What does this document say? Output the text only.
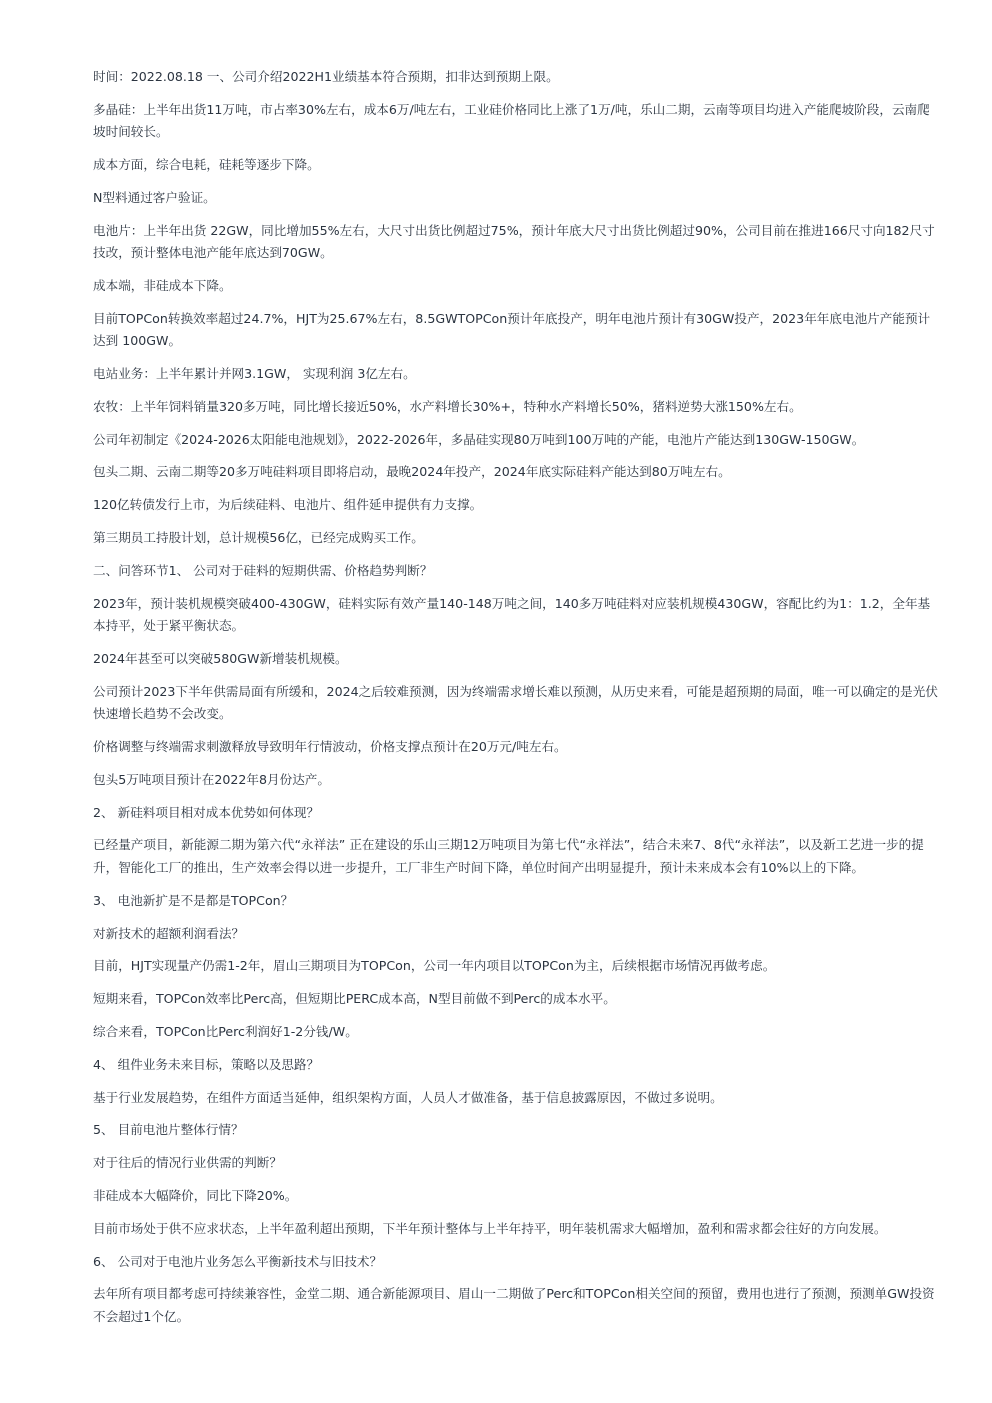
时间：2022.08.18 一、公司介绍2022H1业绩基本符合预期，扣非达到预期上限。

多晶硅：上半年出货11万吨，市占率30%左右，成本6万/吨左右，工业硅价格同比上涨了1万/吨，乐山二期，云南等项目均进入产能爬坡阶段，云南爬坡时间较长。

成本方面，综合电耗，硅耗等逐步下降。

N型料通过客户验证。

电池片：上半年出货 22GW，同比增加55%左右，大尺寸出货比例超过75%，预计年底大尺寸出货比例超过90%，公司目前在推进166尺寸向182尺寸技改，预计整体电池产能年底达到70GW。

成本端，非硅成本下降。

目前TOPCon转换效率超过24.7%，HJT为25.67%左右，8.5GWTOPCon预计年底投产，明年电池片预计有30GW投产，2023年年底电池片产能预计达到 100GW。

电站业务：上半年累计并网3.1GW， 实现利润 3亿左右。

农牧：上半年饲料销量320多万吨，同比增长接近50%，水产料增长30%+，特种水产料增长50%，猪料逆势大涨150%左右。

公司年初制定《2024-2026太阳能电池规划》，2022-2026年，多晶硅实现80万吨到100万吨的产能，电池片产能达到130GW-150GW。

包头二期、云南二期等20多万吨硅料项目即将启动，最晚2024年投产，2024年底实际硅料产能达到80万吨左右。

120亿转债发行上市，为后续硅料、电池片、组件延申提供有力支撑。

第三期员工持股计划，总计规模56亿，已经完成购买工作。

二、问答环节1、 公司对于硅料的短期供需、价格趋势判断？

2023年，预计装机规模突破400-430GW，硅料实际有效产量140-148万吨之间，140多万吨硅料对应装机规模430GW，容配比约为1：1.2，全年基本持平，处于紧平衡状态。

2024年甚至可以突破580GW新增装机规模。

公司预计2023下半年供需局面有所缓和，2024之后较难预测，因为终端需求增长难以预测，从历史来看，可能是超预期的局面，唯一可以确定的是光伏快速增长趋势不会改变。

价格调整与终端需求刺激释放导致明年行情波动，价格支撑点预计在20万元/吨左右。

包头5万吨项目预计在2022年8月份达产。

2、 新硅料项目相对成本优势如何体现？

已经量产项目，新能源二期为第六代“永祥法” 正在建设的乐山三期12万吨项目为第七代“永祥法”，结合未来7、8代“永祥法”，以及新工艺进一步的提升，智能化工厂的推出，生产效率会得以进一步提升，工厂非生产时间下降，单位时间产出明显提升，预计未来成本会有10%以上的下降。

3、 电池新扩是不是都是TOPCon？

对新技术的超额利润看法？

目前，HJT实现量产仍需1-2年，眉山三期项目为TOPCon，公司一年内项目以TOPCon为主，后续根据市场情况再做考虑。

短期来看，TOPCon效率比Perc高，但短期比PERC成本高，N型目前做不到Perc的成本水平。

综合来看，TOPCon比Perc利润好1-2分钱/W。

4、 组件业务未来目标，策略以及思路？

基于行业发展趋势，在组件方面适当延伸，组织架构方面，人员人才做准备，基于信息披露原因，不做过多说明。

5、 目前电池片整体行情？

对于往后的情况行业供需的判断？

非硅成本大幅降价，同比下降20%。

目前市场处于供不应求状态，上半年盈利超出预期，下半年预计整体与上半年持平，明年装机需求大幅增加，盈利和需求都会往好的方向发展。

6、 公司对于电池片业务怎么平衡新技术与旧技术？

去年所有项目都考虑可持续兼容性，金堂二期、通合新能源项目、眉山一二期做了Perc和TOPCon相关空间的预留，费用也进行了预测，预测单GW投资不会超过1个亿。
